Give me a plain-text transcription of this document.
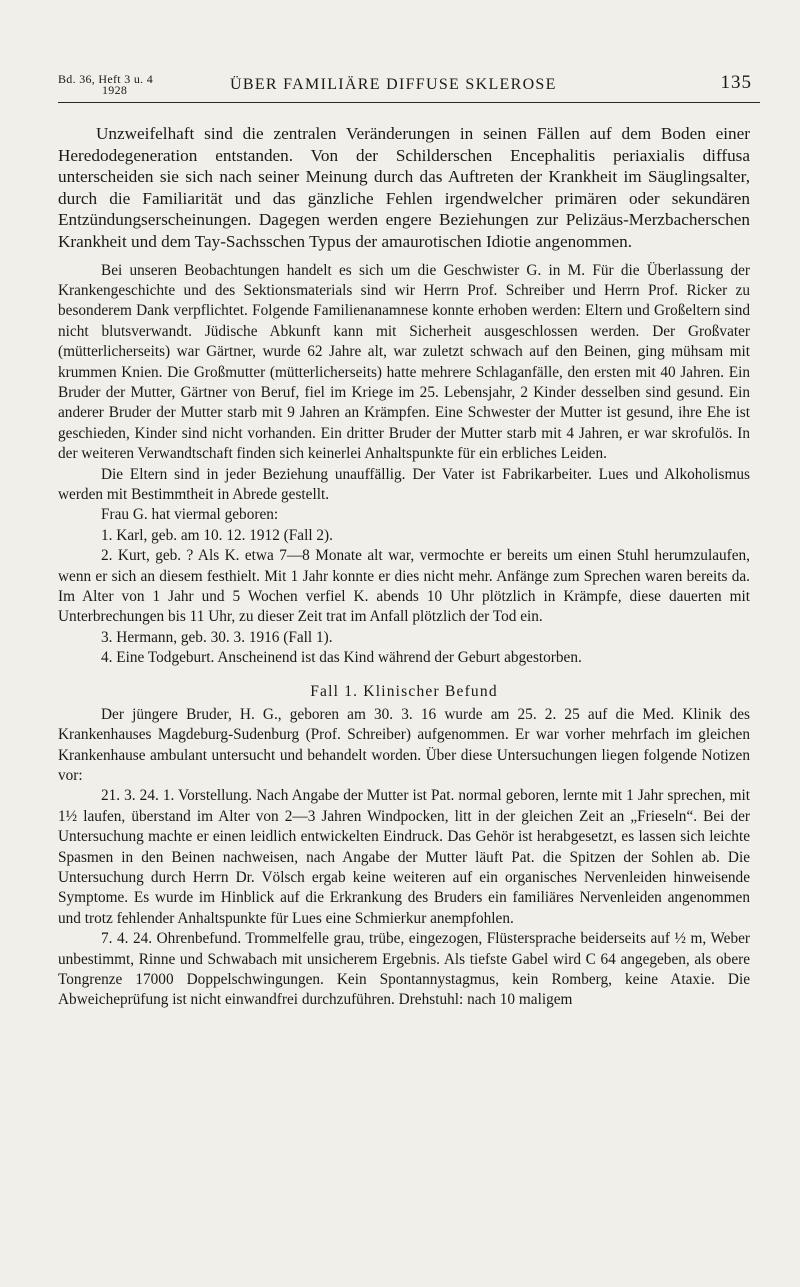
Bd. 36, Heft 3 u. 4
1928	ÜBER FAMILIÄRE DIFFUSE SKLEROSE	135

Unzweifelhaft sind die zentralen Veränderungen in seinen Fällen auf dem Boden einer Heredodegeneration entstanden. Von der Schilderschen Encephalitis periaxialis diffusa unterscheiden sie sich nach seiner Meinung durch das Auftreten der Krankheit im Säuglingsalter, durch die Familiarität und das gänzliche Fehlen irgendwelcher primären oder sekundären Entzündungserscheinungen. Dagegen werden engere Beziehungen zur Pelizäus-Merzbacherschen Krankheit und dem Tay-Sachsschen Typus der amaurotischen Idiotie angenommen.

Bei unseren Beobachtungen handelt es sich um die Geschwister G. in M. Für die Überlassung der Krankengeschichte und des Sektionsmaterials sind wir Herrn Prof. Schreiber und Herrn Prof. Ricker zu besonderem Dank verpflichtet. Folgende Familienanamnese konnte erhoben werden: Eltern und Großeltern sind nicht blutsverwandt. Jüdische Abkunft kann mit Sicherheit ausgeschlossen werden. Der Großvater (mütterlicherseits) war Gärtner, wurde 62 Jahre alt, war zuletzt schwach auf den Beinen, ging mühsam mit krummen Knien. Die Großmutter (mütterlicherseits) hatte mehrere Schlaganfälle, den ersten mit 40 Jahren. Ein Bruder der Mutter, Gärtner von Beruf, fiel im Kriege im 25. Lebensjahr, 2 Kinder desselben sind gesund. Ein anderer Bruder der Mutter starb mit 9 Jahren an Krämpfen. Eine Schwester der Mutter ist gesund, ihre Ehe ist geschieden, Kinder sind nicht vorhanden. Ein dritter Bruder der Mutter starb mit 4 Jahren, er war skrofulös. In der weiteren Verwandtschaft finden sich keinerlei Anhaltspunkte für ein erbliches Leiden.

Die Eltern sind in jeder Beziehung unauffällig. Der Vater ist Fabrikarbeiter. Lues und Alkoholismus werden mit Bestimmtheit in Abrede gestellt.

Frau G. hat viermal geboren:

1. Karl, geb. am 10. 12. 1912 (Fall 2).

2. Kurt, geb. ? Als K. etwa 7—8 Monate alt war, vermochte er bereits um einen Stuhl herumzulaufen, wenn er sich an diesem festhielt. Mit 1 Jahr konnte er dies nicht mehr. Anfänge zum Sprechen waren bereits da. Im Alter von 1 Jahr und 5 Wochen verfiel K. abends 10 Uhr plötzlich in Krämpfe, diese dauerten mit Unterbrechungen bis 11 Uhr, zu dieser Zeit trat im Anfall plötzlich der Tod ein.

3. Hermann, geb. 30. 3. 1916 (Fall 1).

4. Eine Todgeburt. Anscheinend ist das Kind während der Geburt abgestorben.

Fall 1. Klinischer Befund

Der jüngere Bruder, H. G., geboren am 30. 3. 16 wurde am 25. 2. 25 auf die Med. Klinik des Krankenhauses Magdeburg-Sudenburg (Prof. Schreiber) aufgenommen. Er war vorher mehrfach im gleichen Krankenhause ambulant untersucht und behandelt worden. Über diese Untersuchungen liegen folgende Notizen vor:

21. 3. 24. 1. Vorstellung. Nach Angabe der Mutter ist Pat. normal geboren, lernte mit 1 Jahr sprechen, mit 1½ laufen, überstand im Alter von 2—3 Jahren Windpocken, litt in der gleichen Zeit an „Frieseln“. Bei der Untersuchung machte er einen leidlich entwickelten Eindruck. Das Gehör ist herabgesetzt, es lassen sich leichte Spasmen in den Beinen nachweisen, nach Angabe der Mutter läuft Pat. die Spitzen der Sohlen ab. Die Untersuchung durch Herrn Dr. Völsch ergab keine weiteren auf ein organisches Nervenleiden hinweisende Symptome. Es wurde im Hinblick auf die Erkrankung des Bruders ein familiäres Nervenleiden angenommen und trotz fehlender Anhaltspunkte für Lues eine Schmierkur anempfohlen.

7. 4. 24. Ohrenbefund. Trommelfelle grau, trübe, eingezogen, Flüstersprache beiderseits auf ½ m, Weber unbestimmt, Rinne und Schwabach mit unsicherem Ergebnis. Als tiefste Gabel wird C 64 angegeben, als obere Tongrenze 17000 Doppelschwingungen. Kein Spontannystagmus, kein Romberg, keine Ataxie. Die Abweicheprüfung ist nicht einwandfrei durchzuführen. Drehstuhl: nach 10 maligem
